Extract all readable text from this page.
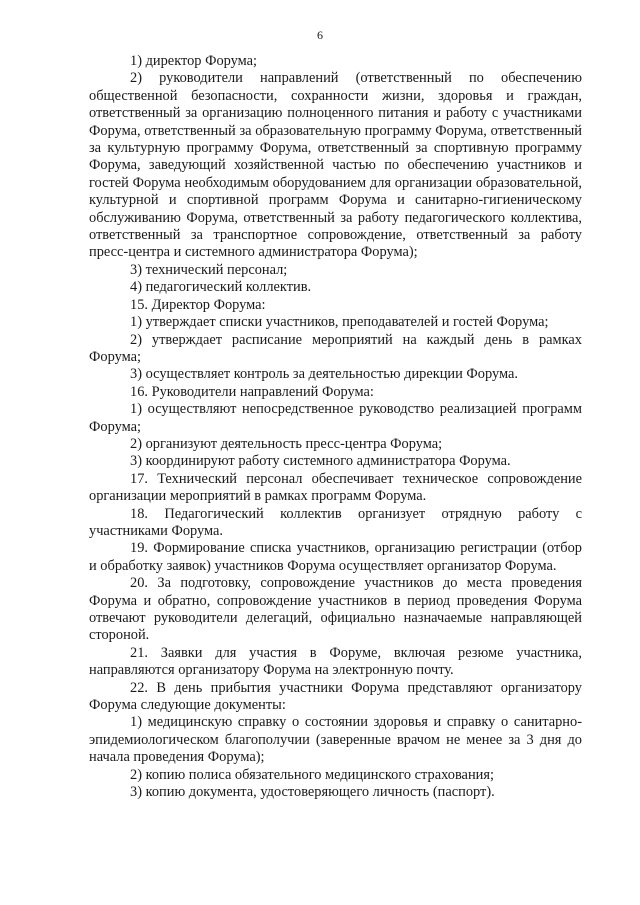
6

1) директор Форума;

2) руководители направлений (ответственный по обеспечению общественной безопасности, сохранности жизни, здоровья и граждан, ответственный за организацию полноценного питания и работу с участниками Форума, ответственный за образовательную программу Форума, ответственный за культурную программу Форума, ответственный за спортивную программу Форума, заведующий хозяйственной частью по обеспечению участников и гостей Форума необходимым оборудованием для организации образовательной, культурной и спортивной программ Форума и санитарно-гигиеническому обслуживанию Форума, ответственный за работу педагогического коллектива, ответственный за транспортное сопровождение, ответственный за работу пресс-центра и системного администратора Форума);

3) технический персонал;

4) педагогический коллектив.

15. Директор Форума:

1) утверждает списки участников, преподавателей и гостей Форума;

2) утверждает расписание мероприятий на каждый день в рамках Форума;

3) осуществляет контроль за деятельностью дирекции Форума.

16. Руководители направлений Форума:

1) осуществляют непосредственное руководство реализацией программ Форума;

2) организуют деятельность пресс-центра Форума;

3) координируют работу системного администратора Форума.

17. Технический персонал обеспечивает техническое сопровождение организации мероприятий в рамках программ Форума.

18. Педагогический коллектив организует отрядную работу с участниками Форума.

19. Формирование списка участников, организацию регистрации (отбор и обработку заявок) участников Форума осуществляет организатор Форума.

20. За подготовку, сопровождение участников до места проведения Форума и обратно, сопровождение участников в период проведения Форума отвечают руководители делегаций, официально назначаемые направляющей стороной.

21. Заявки для участия в Форуме, включая резюме участника, направляются организатору Форума на электронную почту.

22. В день прибытия участники Форума представляют организатору Форума следующие документы:

1) медицинскую справку о состоянии здоровья и справку о санитарно-эпидемиологическом благополучии (заверенные врачом не менее за 3 дня до начала проведения Форума);

2) копию полиса обязательного медицинского страхования;

3) копию документа, удостоверяющего личность (паспорт).
